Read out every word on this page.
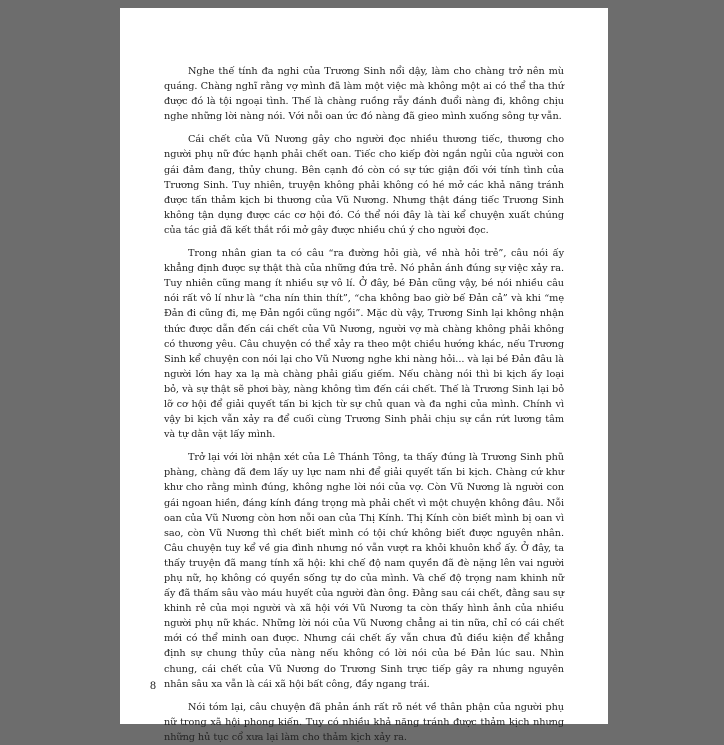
Nghe thế tính đa nghi của Trương Sinh nổi dậy, làm cho chàng trở nên mù quáng. Chàng nghĩ rằng vợ mình đã làm một việc mà không một ai có thể tha thứ được đó là tội ngoại tình. Thế là chàng ruồng rẫy đánh đuổi nàng đi, không chịu nghe những lời nàng nói. Với nỗi oan ức đó nàng đã gieo mình xuống sông tự vẫn.

Cái chết của Vũ Nương gây cho người đọc nhiều thương tiếc, thương cho người phụ nữ đức hạnh phải chết oan. Tiếc cho kiếp đời ngắn ngủi của người con gái đảm đang, thủy chung. Bên cạnh đó còn có sự tức giận đối với tính tình của Trương Sinh. Tuy nhiên, truyện không phải không có hé mở các khả năng tránh được tấn thảm kịch bi thương của Vũ Nương. Nhưng thật đáng tiếc Trương Sinh không tận dụng được các cơ hội đó. Có thể nói đây là tài kể chuyện xuất chúng của tác giả đã kết thắt rồi mở gây được nhiều chú ý cho người đọc.

Trong nhân gian ta có câu “ra đường hỏi già, về nhà hỏi trẻ”, câu nói ấy khẳng định được sự thật thà của những đứa trẻ. Nó phản ánh đúng sự việc xảy ra. Tuy nhiên cũng mang ít nhiều sự vô lí. Ở đây, bé Đản cũng vậy, bé nói nhiều câu nói rất vô lí như là “cha nín thin thít”, “cha không bao giờ bế Đản cả” và khi “mẹ Đản đi cũng đi, mẹ Đản ngồi cũng ngồi”. Mặc dù vậy, Trương Sinh lại không nhận thức được dẫn đến cái chết của Vũ Nương, người vợ mà chàng không phải không có thương yêu. Câu chuyện có thể xảy ra theo một chiều hướng khác, nếu Trương Sinh kể chuyện con nói lại cho Vũ Nương nghe khi nàng hỏi... và lại bé Đản đâu là người lớn hay xa lạ mà chàng phải giấu giếm. Nếu chàng nói thì bi kịch ấy loại bỏ, và sự thật sẽ phơi bày, nàng không tìm đến cái chết. Thế là Trương Sinh lại bỏ lỡ cơ hội để giải quyết tấn bi kịch từ sự chủ quan và đa nghi của mình. Chính vì vậy bi kịch vẫn xảy ra để cuối cùng Trương Sinh phải chịu sự cắn rứt lương tâm và tự dằn vặt lấy mình.

Trở lại với lời nhận xét của Lê Thánh Tông, ta thấy đúng là Trương Sinh phũ phàng, chàng đã đem lấy uy lực nam nhi để giải quyết tấn bi kịch. Chàng cứ khư khư cho rằng mình đúng, không nghe lời nói của vợ. Còn Vũ Nương là người con gái ngoan hiền, đáng kính đáng trọng mà phải chết vì một chuyện không đâu. Nỗi oan của Vũ Nương còn hơn nỗi oan của Thị Kính. Thị Kính còn biết mình bị oan vì sao, còn Vũ Nương thì chết biết mình có tội chứ không biết được nguyên nhân. Câu chuyện tuy kể về gia đình nhưng nó vẫn vượt ra khỏi khuôn khổ ấy. Ở đây, ta thấy truyện đã mang tính xã hội: khi chế độ nam quyền đã đè nặng lên vai người phụ nữ, họ không có quyền sống tự do của mình. Và chế độ trọng nam khinh nữ ấy đã thấm sâu vào máu huyết của người đàn ông. Đằng sau cái chết, đằng sau sự khinh rẻ của mọi người và xã hội với Vũ Nương ta còn thấy hình ảnh của nhiều người phụ nữ khác. Những lời nói của Vũ Nương chẳng ai tin nữa, chỉ có cái chết mới có thể minh oan được. Nhưng cái chết ấy vẫn chưa đủ điều kiện để khẳng định sự chung thủy của nàng nếu không có lời nói của bé Đản lúc sau. Nhìn chung, cái chết của Vũ Nương do Trương Sinh trực tiếp gây ra nhưng nguyên nhân sâu xa vẫn là cái xã hội bất công, đầy ngang trái.

Nói tóm lại, câu chuyện đã phản ánh rất rõ nét về thân phận của người phụ nữ trong xã hội phong kiến. Tuy có nhiều khả năng tránh được thảm kịch nhưng những hủ tục cổ xưa lại làm cho thảm kịch xảy ra.

8
